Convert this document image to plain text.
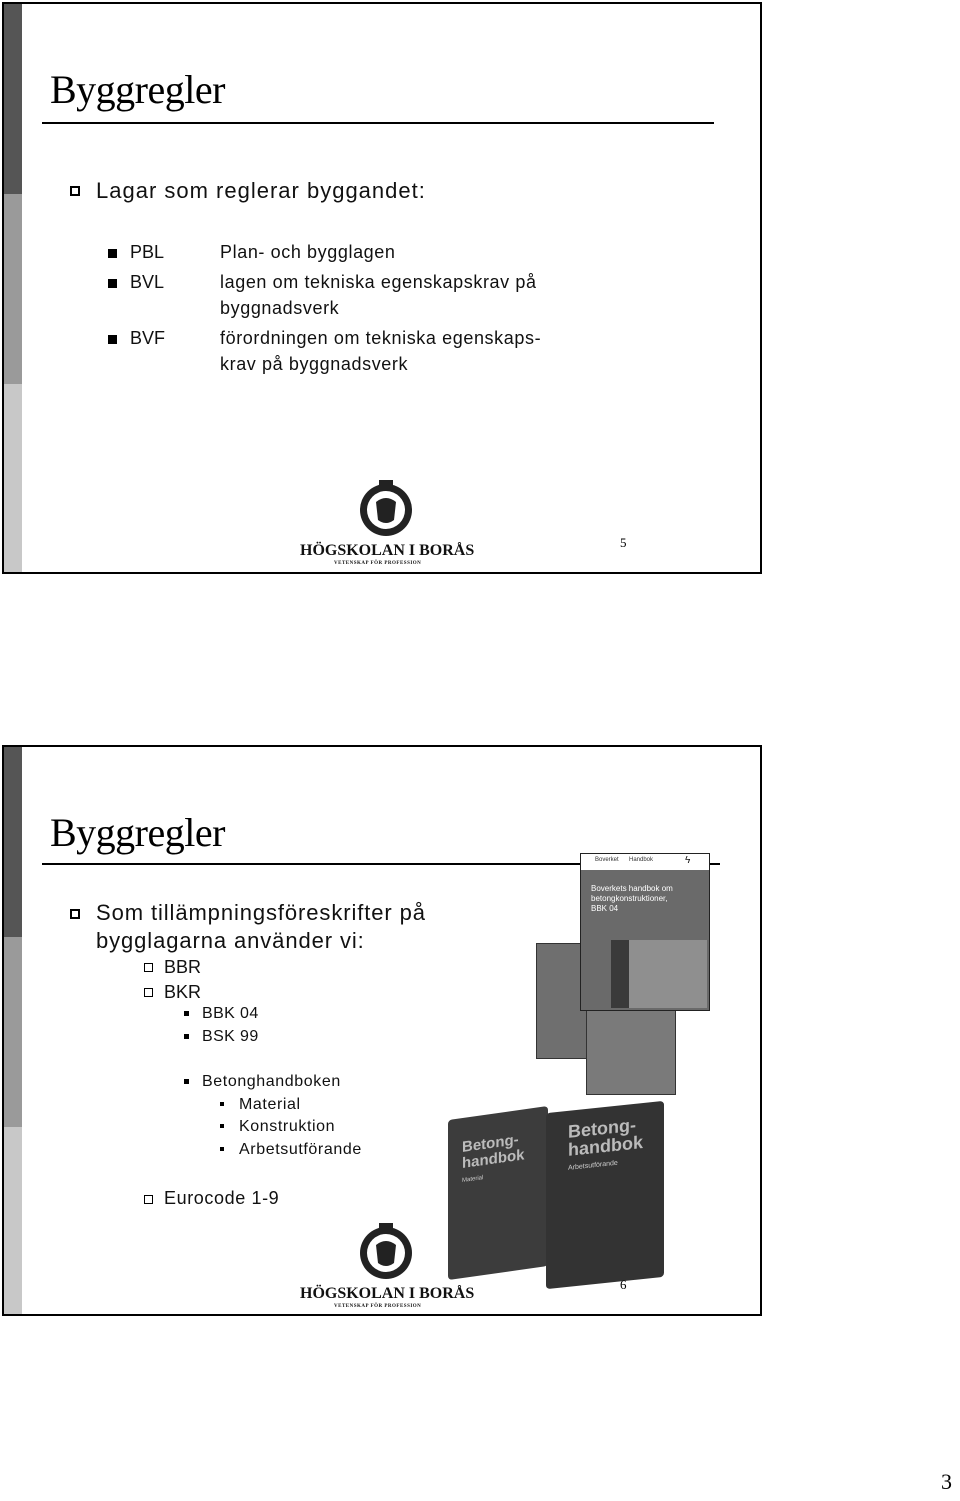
Byggregler
Lagar som reglerar byggandet:
PBL	Plan- och bygglagen
BVL	lagen om tekniska egenskapskrav på
byggnadsverk
BVF	förordningen om tekniska egenskaps-
krav på byggnadsverk
HÖGSKOLAN I BORÅS
VETENSKAP FÖR PROFESSION
5
Byggregler
Som tillämpningsföreskrifter på
bygglagarna använder vi:
BBR
BKR
BBK 04
BSK 99
Betonghandboken
Material
Konstruktion
Arbetsutförande
Eurocode 1-9
Boverket Handbok	ϟ
Boverkets handbok om betongkonstruktioner, BBK 04
Betong-handbok
Material
Betong-handbok
Arbetsutförande
HÖGSKOLAN I BORÅS
VETENSKAP FÖR PROFESSION
6
3
